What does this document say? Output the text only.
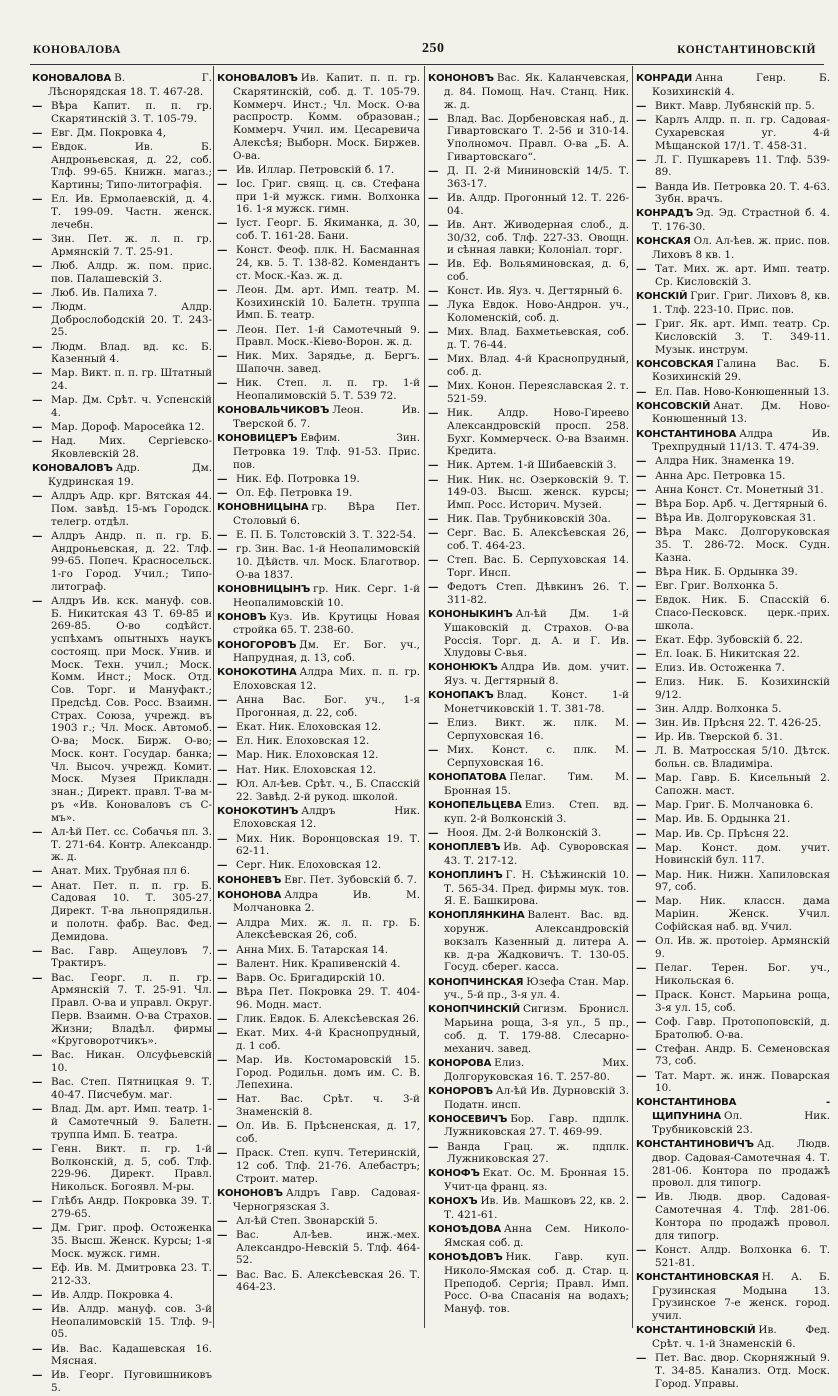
КОНОВАЛОВА	250	КОНСТАНТИНОВСКІЙ
КОНОВАЛОВА В. Г. Лѣснорядская 18. Т. 467-28.
— Вѣра Капит. п. п. гр. Скарятинскій 3. Т. 105-79.
— Евг. Дм. Покровка 4,
— Евдок. Ив. Б. Андроньевская, д. 22, соб. Тлф. 99-65. Книжн. магаз.; Картины; Типо-литографія.
— Ел. Ив. Ермолаевскій, д. 4. Т. 199-09. Частн. женск. лечебн.
— Зин. Пет. ж. л. п. гр. Армянскій 7. Т. 25-91.
— Люб. Алдр. ж. пом. прис. пов. Палашевскій 3.
— Люб. Ив. Палиха 7.
— Людм. Алдр. Доброслободскій 20. Т. 243-25.
— Людм. Влад. вд. кс. Б. Казенный 4.
— Мар. Викт. п. п. гр. Штатный 24.
— Мар. Дм. Срѣт. ч. Успенскій 4.
— Мар. Дороф. Маросейка 12.
— Над. Мих. Сергіевско-Яковлевскій 28.
КОНОВАЛОВЪ Адр. Дм. Кудринская 19.
— Алдръ Адр. крг. Вятская 44. Пом. завѣд. 15-мъ Городск. телегр. отдѣл.
— Алдръ Андр. п. п. гр. Б. Андроньевская, д. 22. Тлф. 99-65. Попеч. Красносельск. 1-го Город. Учил.; Типо-литограф.
— Алдръ Ив. кск. мануф. сов. Б. Никитская 43 Т. 69-85 и 269-85. О-во содѣйст. успѣхамъ опытныхъ наукъ состоящ. при Моск. Унив. и Моск. Техн. учил.; Моск. Комм. Инст.; Моск. Отд. Сов. Торг. и Мануфакт.; Предсѣд. Сов. Росс. Взаимн. Страх. Союза, учрежд. въ 1903 г.; Чл. Моск. Автомоб. О-ва; Моск. Бирж. О-во; Моск. конт. Государ. банка; Чл. Высоч. учрежд. Комит. Моск. Музея Прикладн. знан.; Директ. правл. Т-ва м-ръ «Ив. Коноваловъ съ С-мъ».
— Ал-ѣй Пет. сс. Собачья пл. 3. Т. 271-64. Контр. Александр. ж. д.
— Анат. Мих. Трубная пл 6.
— Анат. Пет. п. п. гр. Б. Садовая 10. Т. 305-27. Директ. Т-ва льнопрядильн. и полотн. фабр. Вас. Фед. Демидова.
— Вас. Гавр. Ащеуловъ 7. Трактиръ.
— Вас. Георг. л. п. гр. Армянскій 7. Т. 25-91. Чл. Правл. О-ва и управл. Округ. Перв. Взаимн. О-ва Страхов. Жизни; Владѣл. фирмы «Круговоротчикъ».
— Вас. Никан. Олсуфьевскій 10.
— Вас. Степ. Пятницкая 9. Т. 40-47. Писчебум. маг.
— Влад. Дм. арт. Имп. театр. 1-й Самотечный 9. Балетн. труппа Имп. Б. театра.
— Генн. Викт. п. гр. 1-й Волконскій, д. 5, соб. Тлф. 229-96. Директ. Правл. Никольск. Богоявл. М-ры.
— Глѣбъ Андр. Покровка 39. Т. 279-65.
— Дм. Григ. проф. Остоженка 35. Высш. Женск. Курсы; 1-я Моск. мужск. гимн.
— Еф. Ив. М. Дмитровка 23. Т. 212-33.
— Ив. Алдр. Покровка 4.
— Ив. Алдр. мануф. сов. 3-й Неопалимовскій 15. Тлф. 9-05.
— Ив. Вас. Кадашевская 16. Мясная.
— Ив. Георг. Пуговишниковъ 5.
КОНОВАЛОВЪ Ив. Капит. п. п. гр. Скарятинскій, соб. д. Т. 105-79. Коммерч. Инст.; Чл. Моск. О-ва распростр. Комм. образован.; Коммерч. Учил. им. Цесаревича Алексѣя; Выборн. Моск. Биржев. О-ва.
— Ив. Иллар. Петровскій б. 17.
— Іос. Григ. свящ. ц. св. Стефана при 1-й мужск. гимн. Волхонка 16. 1-я мужск. гимн.
— Іуст. Георг. Б. Якиманка, д. 30, соб. Т. 161-28. Бани.
— Конст. Феоф. плк. Н. Басманная 24, кв. 5. Т. 138-82. Комендантъ ст. Моск.-Каз. ж. д.
— Леон. Дм. арт. Имп. театр. М. Козихинскій 10. Балетн. труппа Имп. Б. театр.
— Леон. Пет. 1-й Самотечный 9. Правл. Моск.-Кіево-Ворон. ж. д.
— Ник. Мих. Зарядье, д. Бергъ. Шапочн. завед.
— Ник. Степ. л. п. гр. 1-й Неопалимовскій 5. Т. 539 72.
КОНОВАЛЬЧИКОВЪ Леон. Ив. Тверской б. 7.
КОНОВИЦЕРЪ Евфим. Зин. Петровка 19. Тлф. 91-53. Прис. пов.
— Ник. Еф. Потровка 19.
— Ол. Еф. Петровка 19.
КОНОВНИЦЫНА гр. Вѣра Пет. Столовый 6.
— Е. П. Б. Толстовскій 3. Т. 322-54.
— гр. Зин. Вас. 1-й Неопалимовскій 10. Дѣйств. чл. Моск. Благотвор. О-ва 1837.
КОНОВНИЦЫНЪ гр. Ник. Серг. 1-й Неопалимовскій 10.
КОНОВЪ Куз. Ив. Крутицы Новая стройка 65. Т. 238-60.
КОНОГОРОВЪ Дм. Ег. Бог. уч., Напрудная, д. 13, соб.
КОНОКОТИНА Алдра Мих. п. п. гр. Елоховская 12.
— Анна Вас. Бог. уч., 1-я Прогонная, д. 22, соб.
— Екат. Ник. Елоховская 12.
— Ел. Ник. Елоховская 12.
— Мар. Ник. Елоховская 12.
— Нат. Ник. Елоховская 12.
— Юл. Ал-ѣев. Срѣт. ч., Б. Спасскій 22. Завѣд. 2-й рукод. школой.
КОНОКОТИНЪ Алдръ Ник. Елоховская 12.
— Мих. Ник. Воронцовская 19. Т. 62-11.
— Серг. Ник. Елоховская 12.
КОНОНЕВЪ Евг. Пет. Зубовскій б. 7.
КОНОНОВА Алдра Ив. М. Молчановка 2.
— Алдра Мих. ж. л. п. гр. Б. Алексѣевская 26, соб.
— Анна Мих. Б. Татарская 14.
— Валент. Ник. Крапивенскій 4.
— Варв. Ос. Бригадирскій 10.
— Вѣра Пет. Покровка 29. Т. 404-96. Модн. маст.
— Глик. Евдок. Б. Алексѣевская 26.
— Екат. Мих. 4-й Краснопрудный, д. 1 соб.
— Мар. Ив. Костомаровскій 15. Город. Родильн. домъ им. С. В. Лепехина.
— Нат. Вас. Срѣт. ч. 3-й Знаменскій 8.
— Ол. Ив. Б. Прѣсненская, д. 17, соб.
— Праск. Степ. купч. Тетеринскій, 12 соб. Тлф. 21-76. Алебастръ; Строит. матер.
КОНОНОВЪ Алдръ Гавр. Садовая-Черногрязская 3.
— Ал-ѣй Степ. Звонарскій 5.
— Вас. Ал-ѣев. инж.-мех. Александро-Невскій 5. Тлф. 464-52.
— Вас. Вас. Б. Алексѣевская 26. Т. 464-23.
КОНОНОВЪ Вас. Як. Каланчевская, д. 84. Помощ. Нач. Станц. Ник. ж. д.
— Влад. Вас. Дорбеновская наб., д. Гивартовскаго Т. 2-56 и 310-14. Уполномоч. Правл. О-ва „Б. А. Гивартовскаго“.
— Д. П. 2-й Мининовскій 14/5. Т. 363-17.
— Ив. Алдр. Прогонный 12. Т. 226-04.
— Ив. Ант. Живодерная слоб., д. 30/32, соб. Тлф. 227-33. Овощн. и сѣнная лавки; Колоніал. торг.
— Ив. Еф. Вольяминовская, д. 6, соб.
— Конст. Ив. Яуз. ч. Дегтярный 6.
— Лука Евдок. Ново-Андрон. уч., Коломенскій, соб. д.
— Мих. Влад. Бахметьевская, соб. д. Т. 76-44.
— Мих. Влад. 4-й Краснопрудный, соб. д.
— Мих. Конон. Переяславская 2. т. 521-59.
— Ник. Алдр. Ново-Гиреево Александровскій просп. 258. Бухг. Коммерческ. О-ва Взаимн. Кредита.
— Ник. Артем. 1-й Шибаевскій 3.
— Ник. Ник. нс. Озерковскій 9. Т. 149-03. Высш. женск. курсы; Имп. Росс. Историч. Музей.
— Ник. Пав. Трубниковскій 30а.
— Серг. Вас. Б. Алексѣевская 26, соб. Т. 464-23.
— Степ. Вас. Б. Серпуховская 14. Торг. Инсп.
— Федотъ Степ. Дѣвкинъ 26. Т. 311-82.
КОНОНЫКИНЪ Ал-ѣй Дм. 1-й Ушаковскій д. Страхов. О-ва Россія. Торг. д. А. и Г. Ив. Хлудовы С-вья.
КОНОНЮКЪ Алдра Ив. дом. учит. Яуз. ч. Дегтярный 8.
КОНОПАКЪ Влад. Конст. 1-й Монетчиковскій 1. Т. 381-78.
— Елиз. Викт. ж. плк. М. Серпуховская 16.
— Мих. Конст. с. плк. М. Серпуховская 16.
КОНОПАТОВА Пелаг. Тим. М. Бронная 15.
КОНОПЕЛЬЦЕВА Елиз. Степ. вд. куп. 2-й Волконскій 3.
— Нооя. Дм. 2-й Волконскій 3.
КОНОПЛЕВЪ Ив. Аф. Суворовская 43. Т. 217-12.
КОНОПЛИНЪ Г. Н. Сѣѣжинскій 10. Т. 565-34. Пред. фирмы мук. тов. Я. Е. Башкирова.
КОНОПЛЯНКИНА Валент. Вас. вд. хорунж. Александровскій вокзалъ Казенный д. литера А. кв. д-ра Жадковичъ. Т. 130-05. Госуд. сберег. касса.
КОНОПЧИНСКАЯ Юзефа Стан. Мар. уч., 5-й пр., 3-я ул. 4.
КОНОПЧИНСКІЙ Сигизм. Бронисл. Марьина роща, 3-я ул., 5 пр., соб. д. Т. 179-88. Слесарно-механич. завед.
КОНОРОВА Елиз. Мих. Долгоруковская 16. Т. 257-80.
КОНОРОВЪ Ал-ѣй Ив. Дурновскій 3. Податн. инсп.
КОНОСЕВИЧЪ Бор. Гавр. пдплк. Лужниковская 27. Т. 469-99.
— Ванда Грац. ж. пдплк. Лужниковская 27.
КОНОФЪ Екат. Ос. М. Бронная 15. Учит-ца франц. яз.
КОНОХЪ Ив. Ив. Машковъ 22, кв. 2. Т. 421-61.
КОНОѢДОВА Анна Сем. Николо-Ямская соб. д.
КОНОѢДОВЪ Ник. Гавр. куп. Николо-Ямская соб. д. Стар. ц. Преподоб. Сергія; Правл. Имп. Росс. О-ва Спасанія на водахъ; Мануф. тов.
КОНРАДИ Анна Генр. Б. Козихинскій 4.
— Викт. Мавр. Лубянскій пр. 5.
— Карлъ Алдр. п. п. гр. Садовая-Сухаревская уг. 4-й Мѣщанской 17/1. Т. 458-31.
— Л. Г. Пушкаревъ 11. Тлф. 539-89.
— Ванда Ив. Петровка 20. Т. 4-63. Зубн. врачъ.
КОНРАДЪ Эд. Эд. Страстной б. 4. Т. 176-30.
КОНСКАЯ Ол. Ал-ѣев. ж. прис. пов. Лиховъ 8 кв. 1.
— Тат. Мих. ж. арт. Имп. театр. Ср. Кисловскій 3.
КОНСКІЙ Григ. Григ. Лиховъ 8, кв. 1. Тлф. 223-10. Прис. пов.
— Григ. Як. арт. Имп. театр. Ср. Кисловскій 3. Т. 349-11. Музык. инструм.
КОНСОВСКАЯ Галина Вас. Б. Козихинскій 29.
— Ел. Пав. Ново-Конюшенный 13.
КОНСОВСКІЙ Анат. Дм. Ново-Конюшенный 13.
КОНСТАНТИНОВА Алдра Ив. Трехпрудный 11/13. Т. 474-39.
— Алдра Ник. Знаменка 19.
— Анна Арс. Петровка 15.
— Анна Конст. Ст. Монетный 31.
— Вѣра Бор. Арб. ч. Дегтярный 6.
— Вѣра Ив. Долгоруковская 31.
— Вѣра Макс. Долгоруковская 35. Т. 286-72. Моск. Судн. Казна.
— Вѣра Ник. Б. Ордынка 39.
— Евг. Григ. Волхонка 5.
— Евдок. Ник. Б. Спасскій 6. Спасо-Песковск. церк.-прих. школа.
— Екат. Ефр. Зубовскій б. 22.
— Ел. Іоак. Б. Никитская 22.
— Елиз. Ив. Остоженка 7.
— Елиз. Ник. Б. Козихинскій 9/12.
— Зин. Алдр. Волхонка 5.
— Зин. Ив. Прѣсня 22. Т. 426-25.
— Ир. Ив. Тверской б. 31.
— Л. В. Матросская 5/10. Дѣтск. больн. св. Владиміра.
— Мар. Гавр. Б. Кисельный 2. Сапожн. маст.
— Мар. Григ. Б. Молчановка 6.
— Мар. Ив. Б. Ордынка 21.
— Мар. Ив. Ср. Прѣсня 22.
— Мар. Конст. дом. учит. Новинскій бул. 117.
— Мар. Ник. Нижн. Хапиловская 97, соб.
— Мар. Ник. классн. дама Маріин. Женск. Учил. Софійская наб. вд. Учил.
— Ол. Ив. ж. протоіер. Армянскій 9.
— Пелаг. Терен. Бог. уч., Никольская 6.
— Праск. Конст. Марьина роща, 3-я ул. 15, соб.
— Соф. Гавр. Протопоповскій, д. Братолюб. О-ва.
— Стефан. Андр. Б. Семеновская 73, соб.
— Тат. Март. ж. инж. Поварская 10.
КОНСТАНТИНОВА - ЩИПУНИНА Ол. Ник. Трубниковскій 23.
КОНСТАНТИНОВИЧЪ Ад. Людв. двор. Садовая-Самотечная 4. Т. 281-06. Контора по продажѣ провол. для типогр.
— Ив. Людв. двор. Садовая-Самотечная 4. Тлф. 281-06. Контора по продажѣ провол. для типогр.
— Конст. Алдр. Волхонка 6. Т. 521-81.
КОНСТАНТИНОВСКАЯ Н. А. Б. Грузинская Модына 13. Грузинское 7-е женск. город. учил.
КОНСТАНТИНОВСКІЙ Ив. Фед. Срѣт. ч. 1-й Знаменскій 6.
— Пет. Вас. двор. Скорняжный 9. Т. 34-85. Канализ. Отд. Моск. Город. Управы.
